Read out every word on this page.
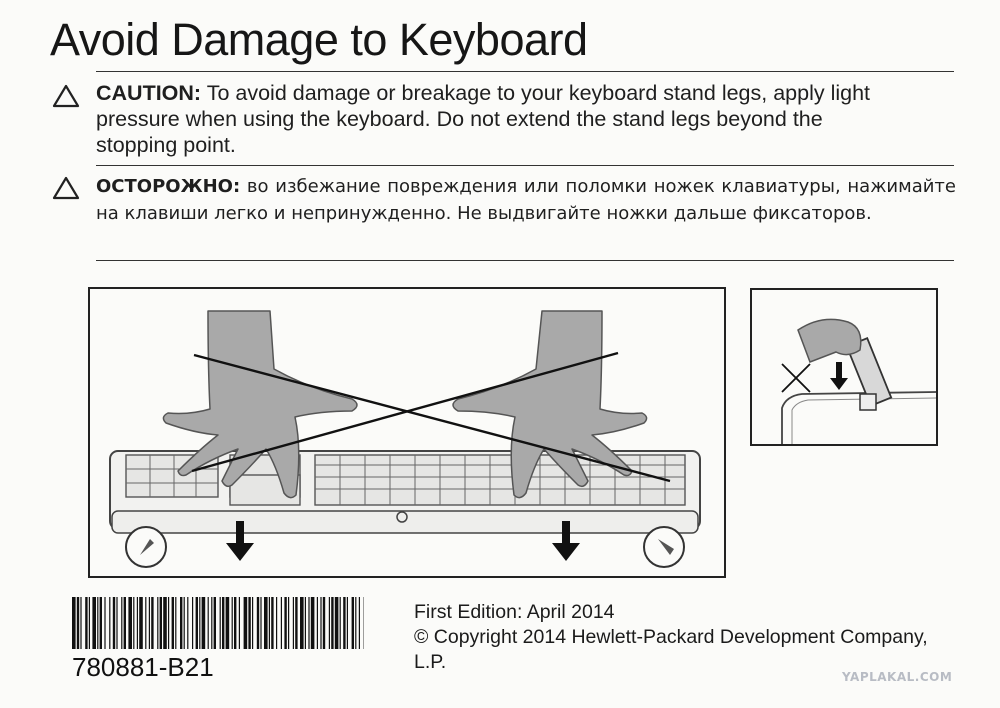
Avoid Damage to Keyboard
CAUTION: To avoid damage or breakage to your keyboard stand legs, apply light
pressure when using the keyboard. Do not extend the stand legs beyond the
stopping point.
ОСТОРОЖНО: во избежание повреждения или поломки ножек клавиатуры, нажимайте на клавиши легко и непринужденно. Не выдвигайте ножки дальше фиксаторов.
780881-B21
First Edition: April 2014
© Copyright 2014 Hewlett-Packard Development Company,
L.P.
YAPLAKAL.COM
